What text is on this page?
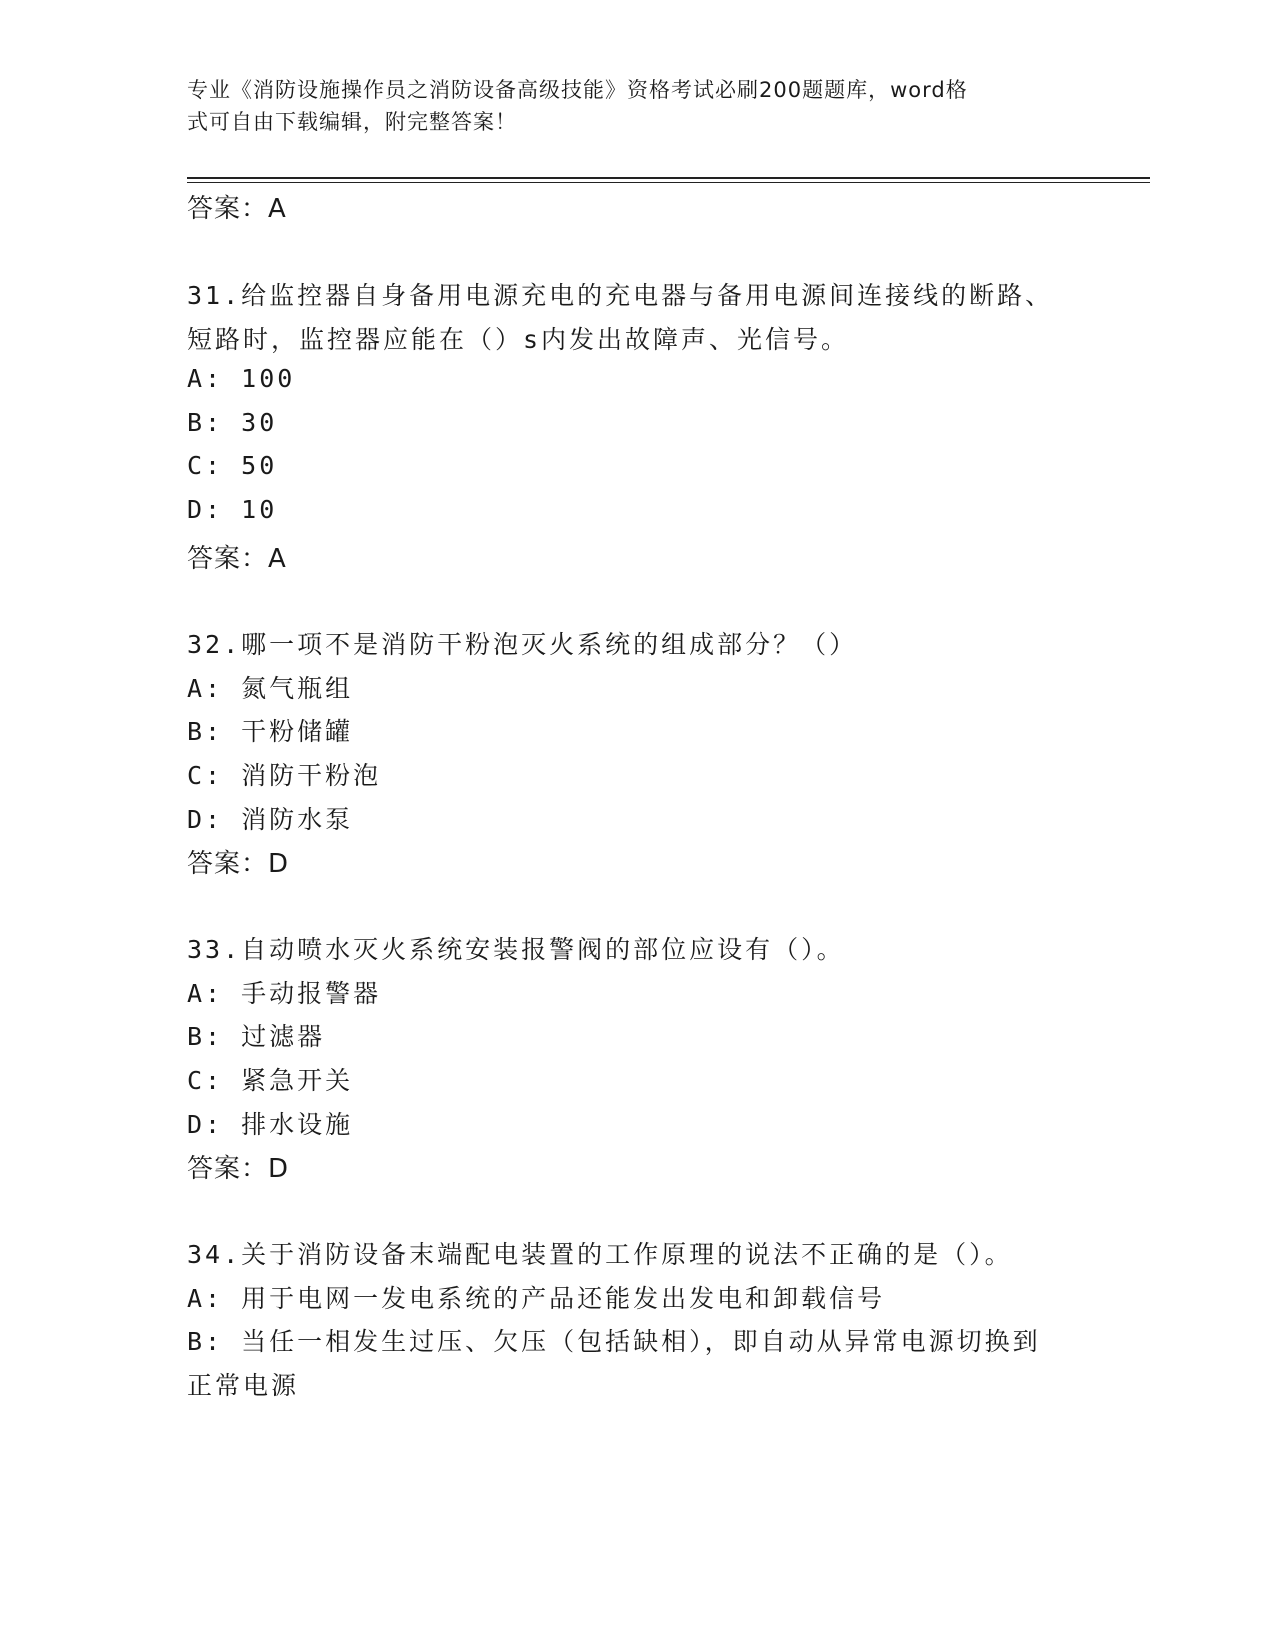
专业《消防设施操作员之消防设备高级技能》资格考试必刷200题题库，word格
式可自由下载编辑，附完整答案！
答案：A
31.给监控器自身备用电源充电的充电器与备用电源间连接线的断路、
短路时，监控器应能在（）s内发出故障声、光信号。
A: 100
B: 30
C: 50
D: 10
答案：A
32.哪一项不是消防干粉泡灭火系统的组成部分？（）
A: 氮气瓶组
B: 干粉储罐
C: 消防干粉泡
D: 消防水泵
答案：D
33.自动喷水灭火系统安装报警阀的部位应设有（）。
A: 手动报警器
B: 过滤器
C: 紧急开关
D: 排水设施
答案：D
34.关于消防设备末端配电装置的工作原理的说法不正确的是（）。
A: 用于电网一发电系统的产品还能发出发电和卸载信号
B: 当任一相发生过压、欠压（包括缺相），即自动从异常电源切换到
正常电源
